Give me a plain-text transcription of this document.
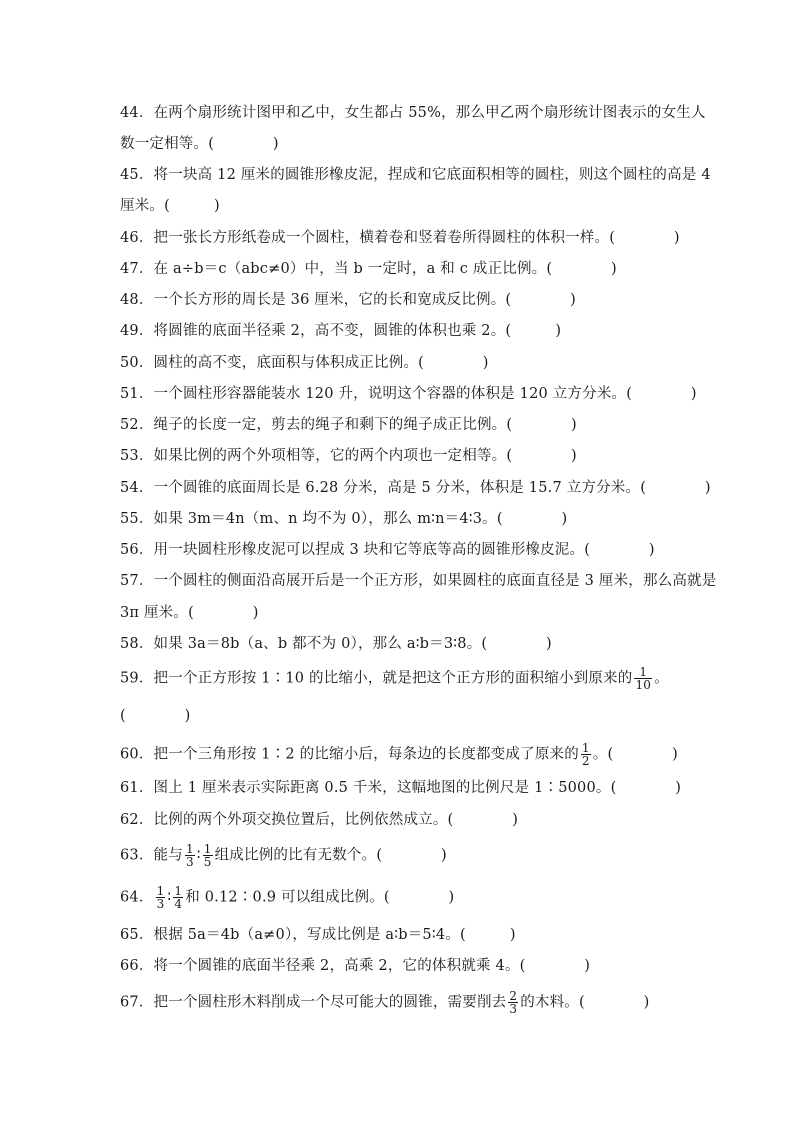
44．在两个扇形统计图甲和乙中，女生都占 55%，那么甲乙两个扇形统计图表示的女生人
数一定相等。(　　　　)
45．将一块高 12 厘米的圆锥形橡皮泥，捏成和它底面积相等的圆柱，则这个圆柱的高是 4
厘米。(　　　)
46．把一张长方形纸卷成一个圆柱，横着卷和竖着卷所得圆柱的体积一样。(　　　　)
47．在 a÷b＝c（abc≠0）中，当 b 一定时，a 和 c 成正比例。(　　　　)
48．一个长方形的周长是 36 厘米，它的长和宽成反比例。(　　　　)
49．将圆锥的底面半径乘 2，高不变，圆锥的体积也乘 2。(　　　)
50．圆柱的高不变，底面积与体积成正比例。(　　　　)
51．一个圆柱形容器能装水 120 升，说明这个容器的体积是 120 立方分米。(　　　　)
52．绳子的长度一定，剪去的绳子和剩下的绳子成正比例。(　　　　)
53．如果比例的两个外项相等，它的两个内项也一定相等。(　　　　)
54．一个圆锥的底面周长是 6.28 分米，高是 5 分米，体积是 15.7 立方分米。(　　　　)
55．如果 3m＝4n（m、n 均不为 0），那么 m∶n＝4∶3。(　　　　)
56．用一块圆柱形橡皮泥可以捏成 3 块和它等底等高的圆锥形橡皮泥。(　　　　)
57．一个圆柱的侧面沿高展开后是一个正方形，如果圆柱的底面直径是 3 厘米，那么高就是
3π 厘米。(　　　　)
58．如果 3a＝8b（a、b 都不为 0），那么 a∶b＝3∶8。(　　　　)
59．把一个正方形按 1∶10 的比缩小，就是把这个正方形的面积缩小到原来的 $\frac{1}{10}$ 。
(　　　　)
60．把一个三角形按 1∶2 的比缩小后，每条边的长度都变成了原来的 $\frac{1}{2}$ 。(　　　　)
61．图上 1 厘米表示实际距离 0.5 千米，这幅地图的比例尺是 1∶5000。(　　　　)
62．比例的两个外项交换位置后，比例依然成立。(　　　　)
63．能与 $\frac{1}{3}$ ∶ $\frac{1}{5}$ 组成比例的比有无数个。(　　　　)
64． $\frac{1}{3}$ ∶ $\frac{1}{4}$ 和 0.12∶0.9 可以组成比例。(　　　　)
65．根据 5a＝4b（a≠0），写成比例是 a∶b＝5∶4。(　　　)
66．将一个圆锥的底面半径乘 2，高乘 2，它的体积就乘 4。(　　　　)
67．把一个圆柱形木料削成一个尽可能大的圆锥，需要削去 $\frac{2}{3}$ 的木料。(　　　　)
